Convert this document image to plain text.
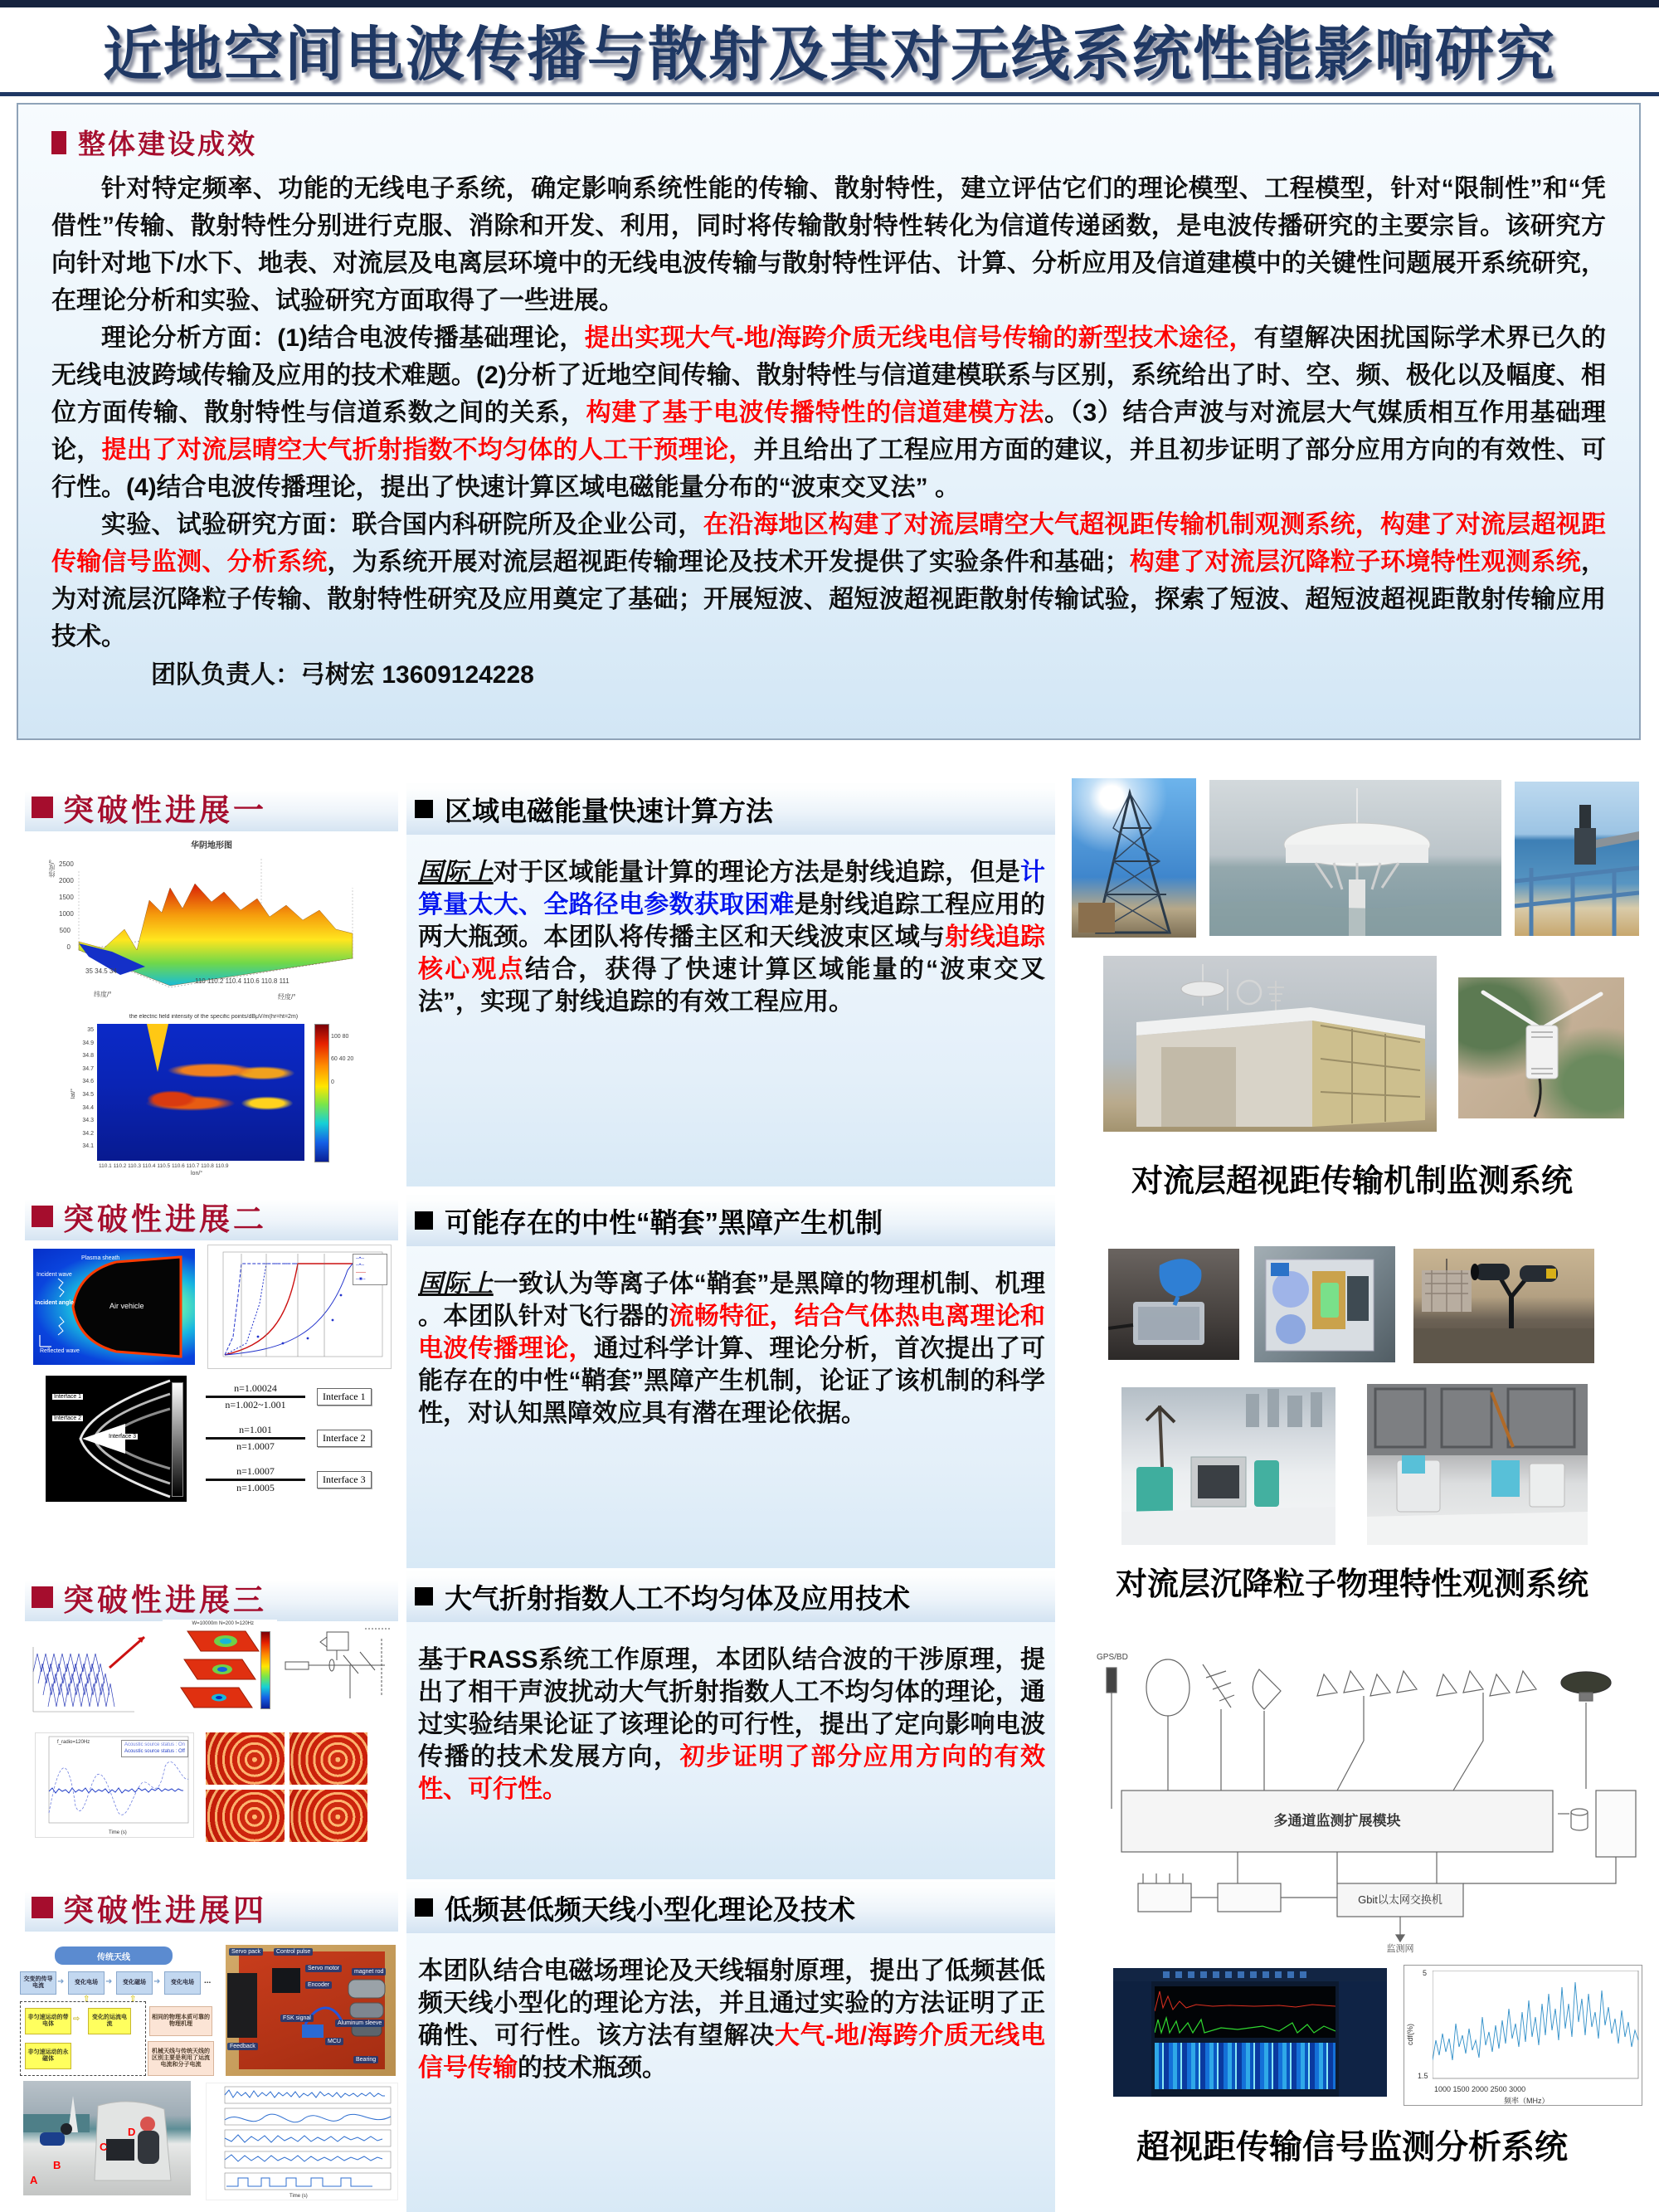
近地空间电波传播与散射及其对无线系统性能影响研究
整体建设成效
针对特定频率、功能的无线电子系统，确定影响系统性能的传输、散射特性，建立评估它们的理论模型、工程模型，针对“限制性”和“凭借性”传输、散射特性分别进行克服、消除和开发、利用，同时将传输散射特性转化为信道传递函数，是电波传播研究的主要宗旨。该研究方向针对地下/水下、地表、对流层及电离层环境中的无线电波传输与散射特性评估、计算、分析应用及信道建模中的关键性问题展开系统研究，在理论分析和实验、试验研究方面取得了一些进展。
理论分析方面：(1)结合电波传播基础理论，提出实现大气-地/海跨介质无线电信号传输的新型技术途径，有望解决困扰国际学术界已久的无线电波跨域传输及应用的技术难题。(2)分析了近地空间传输、散射特性与信道建模联系与区别，系统给出了时、空、频、极化以及幅度、相位方面传输、散射特性与信道系数之间的关系，构建了基于电波传播特性的信道建模方法。（3）结合声波与对流层大气媒质相互作用基础理论，提出了对流层晴空大气折射指数不均匀体的人工干预理论，并且给出了工程应用方面的建议，并且初步证明了部分应用方向的有效性、可行性。(4)结合电波传播理论，提出了快速计算区域电磁能量分布的“波束交叉法” 。
实验、试验研究方面：联合国内科研院所及企业公司，在沿海地区构建了对流层晴空大气超视距传输机制观测系统，构建了对流层超视距传输信号监测、分析系统，为系统开展对流层超视距传输理论及技术开发提供了实验条件和基础；构建了对流层沉降粒子环境特性观测系统，为对流层沉降粒子传输、散射特性研究及应用奠定了基础；开展短波、超短波超视距散射传输试验，探索了短波、超短波超视距散射传输应用技术。
团队负责人：弓树宏 13609124228
突破性进展一
突破性进展二
突破性进展三
突破性进展四
区域电磁能量快速计算方法
国际上对于区域能量计算的理论方法是射线追踪，但是计算量太大、全路径电参数获取困难是射线追踪工程应用的两大瓶颈。本团队将传播主区和天线波束区域与射线追踪核心观点结合，获得了快速计算区域能量的“波束交叉法”，实现了射线追踪的有效工程应用。
可能存在的中性“鞘套”黑障产生机制
国际上一致认为等离子体“鞘套”是黑障的物理机制、机理 。本团队针对飞行器的流畅特征，结合气体热电离理论和电波传播理论，通过科学计算、理论分析，首次提出了可能存在的中性“鞘套”黑障产生机制，论证了该机制的科学性，对认知黑障效应具有潜在理论依据。
大气折射指数人工不均匀体及应用技术
基于RASS系统工作原理，本团队结合波的干涉原理，提出了相干声波扰动大气折射指数人工不均匀体的理论，通过实验结果论证了该理论的可行性，提出了定向影响电波传播的技术发展方向，初步证明了部分应用方向的有效性、可行性。
低频甚低频天线小型化理论及技术
本团队结合电磁场理论及天线辐射原理，提出了低频甚低频天线小型化的理论方法，并且通过实验的方法证明了正确性、可行性。该方法有望解决大气-地/海跨介质无线电信号传输的技术瓶颈。
华阴地形图
纬度/° 2500 2000 1500 1000 500 0
35 34.5 34
纬度/°
110 110.2 110.4 110.6 110.8 111
经度/°
the electric field intensity of the specific points/dBμV/m(hr=ht=2m)
35 34.9 34.8 34.7 34.6 34.5 34.4 34.3 34.2 34.1
lat/°
100 80 60 40 20 0
110.1 110.2 110.3 110.4 110.5 110.6 110.7 110.8 110.9
lon/°
Plasma sheath
Incident wave
Incident angle	Air vehicle
Reflected wave
--•--
--•--
——
--■--
Interface 1
Interface 2
Interface 3
n=1.00024
n=1.002~1.001
Interface 1
n=1.001
n=1.0007
Interface 2
n=1.0007
n=1.0005
Interface 3
W=10000m N=200 f=120Hz
f_radio=120Hz	Acoustic source status : On
Acoustic source status : Off
Time (s)
传统天线
交变的传导电流	➜	变化电场 ➜	变化磁场 ➜	变化电场	...
非匀速运动的带电体
⇨	变化的运流电流
非匀速运动的永磁体
⇧	⇧
相同的物理本质可靠的物理机理
机械天线与传统天线的区别主要是利用了运流电流和分子电流
Servo pack	Control pulse
Servo motor
Encoder
Feedback
FSK signal
MCU
magnet rod
Aluminum sleeve
Bearing
A
B
C
D
Time (s)
对流层超视距传输机制监测系统
对流层沉降粒子物理特性观测系统
GPS/BD
多通道监测扩展模块
Gbit以太网交换机
监测网
cdf(%)
5
1.5
1000 1500 2000 2500 3000
频率（MHz）
超视距传输信号监测分析系统
